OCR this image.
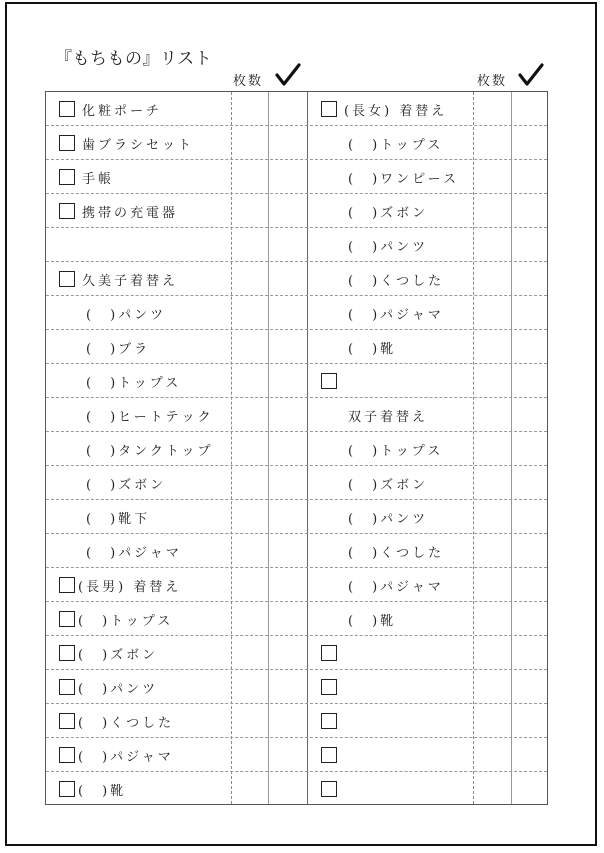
『もちもの』リスト
枚数	枚数
化粧ポーチ
歯ブラシセット
手帳
携帯の充電器
久美子着替え
(　)パンツ
(　)ブラ
(　)トップス
(　)ヒートテック
(　)タンクトップ
(　)ズボン
(　)靴下
(　)パジャマ
(長男) 着替え
(　)トップス
(　)ズボン
(　)パンツ
(　)くつした
(　)パジャマ
(　)靴
(長女) 着替え
(　)トップス
(　)ワンピース
(　)ズボン
(　)パンツ
(　)くつした
(　)パジャマ
(　)靴
双子着替え
(　)トップス
(　)ズボン
(　)パンツ
(　)くつした
(　)パジャマ
(　)靴
